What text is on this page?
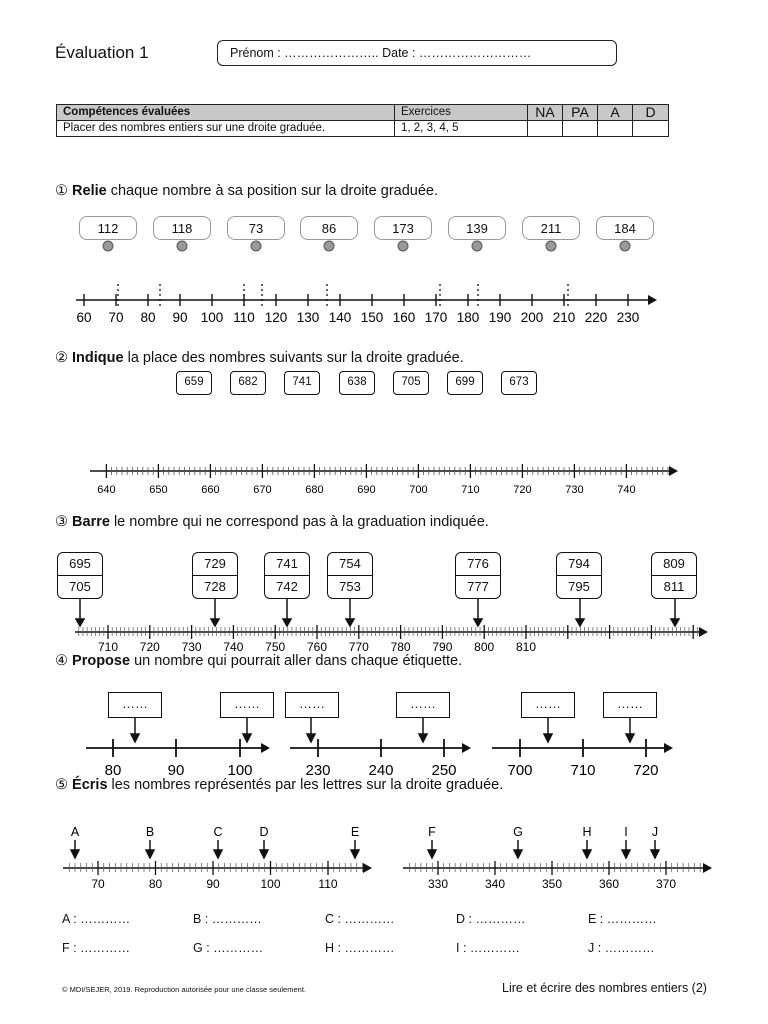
Évaluation 1	Prénom : ………………….. Date : ………………………
Compétences évaluées	Exercices	NA	PA	A	D
Placer des nombres entiers sur une droite graduée.	1, 2, 3, 4, 5				
① Relie chaque nombre à sa position sur la droite graduée.
112	118	73	86	173	139	211	184
60 70 80 90 100 110 120 130 140 150 160 170 180 190 200 210 220 230
② Indique la place des nombres suivants sur la droite graduée.
659	682	741	638	705	699	673
640	650	660	670	680	690	700	710	720	730	740
③ Barre le nombre qui ne correspond pas à la graduation indiquée.
695
705
729
728
741
742
754
753
776
777
794
795
809
811
710 720 730 740 750 760 770 780 790 800 810
④ Propose un nombre qui pourrait aller dans chaque étiquette.
……	……	……	……	……	……
80	90	100	230	240	250	700	710	720
⑤ Écris les nombres représentés par les lettres sur la droite graduée.
A	B	C	D	E	F	G	H	I J
70	80	90	100	110	330	340	350	360	370
A : …………	B : …………	C : …………	D : …………	E : …………
F : …………	G : …………	H : …………	I : …………	J : …………
© MDI/SEJER, 2019. Reproduction autorisée pour une classe seulement.	Lire et écrire des nombres entiers (2)
